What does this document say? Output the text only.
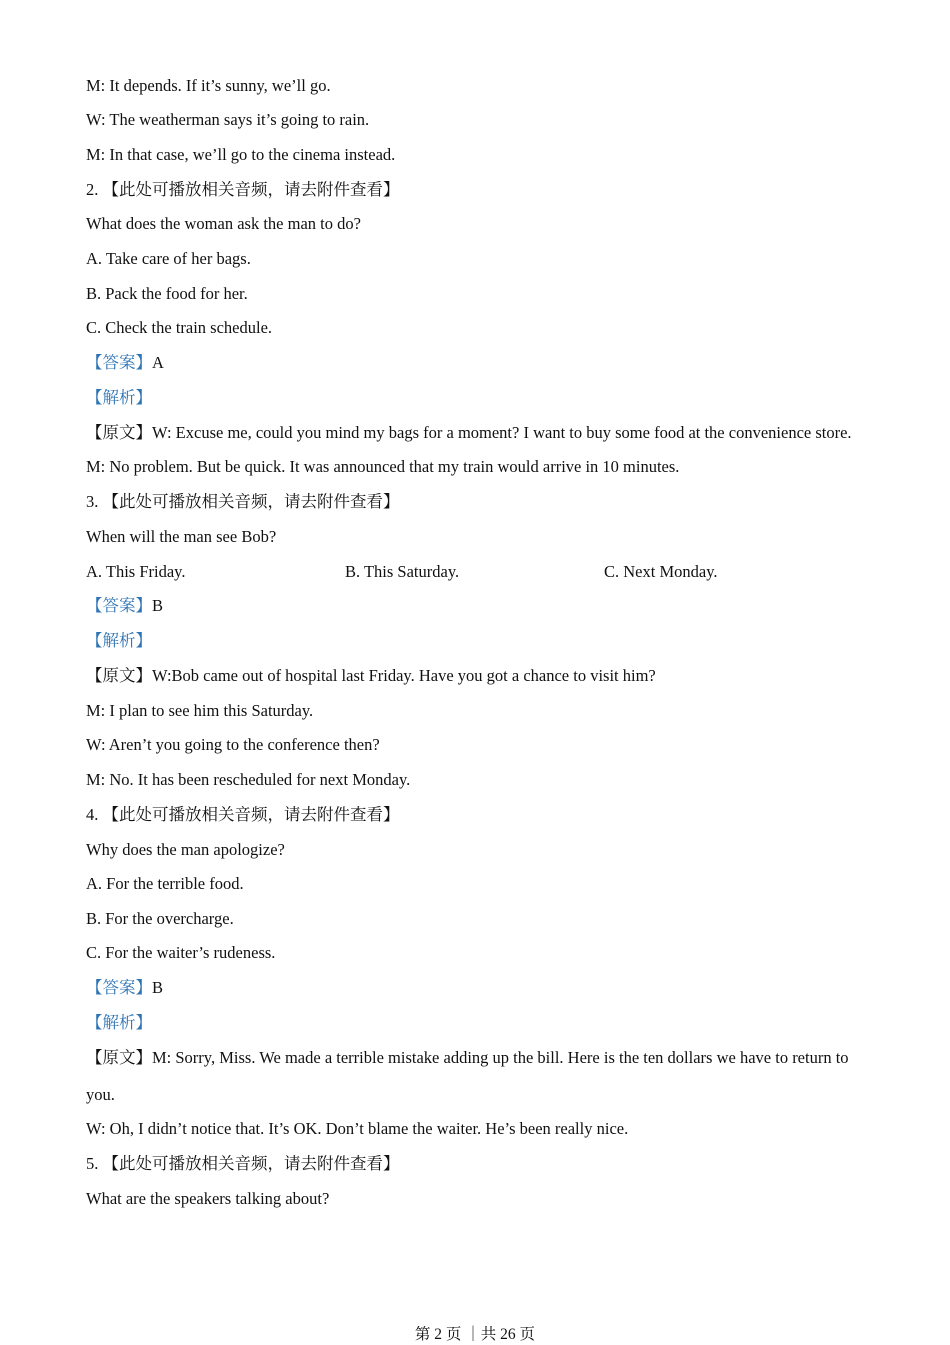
M: It depends. If it’s sunny, we’ll go.
W: The weatherman says it’s going to rain.
M: In that case, we’ll go to the cinema instead.
2. 【此处可播放相关音频，请去附件查看】
What does the woman ask the man to do?
A. Take care of her bags.
B. Pack the food for her.
C. Check the train schedule.
【答案】A
【解析】
【原文】W: Excuse me, could you mind my bags for a moment? I want to buy some food at the convenience store.
M: No problem. But be quick. It was announced that my train would arrive in 10 minutes.
3. 【此处可播放相关音频，请去附件查看】
When will the man see Bob?
A. This Friday.	B. This Saturday.	C. Next Monday.
【答案】B
【解析】
【原文】W:Bob came out of hospital last Friday. Have you got a chance to visit him?
M: I plan to see him this Saturday.
W: Aren’t you going to the conference then?
M: No. It has been rescheduled for next Monday.
4. 【此处可播放相关音频，请去附件查看】
Why does the man apologize?
A. For the terrible food.
B. For the overcharge.
C. For the waiter’s rudeness.
【答案】B
【解析】
【原文】M: Sorry, Miss. We made a terrible mistake adding up the bill. Here is the ten dollars we have to return to
you.
W: Oh, I didn’t notice that. It’s OK. Don’t blame the waiter. He’s been really nice.
5. 【此处可播放相关音频，请去附件查看】
What are the speakers talking about?
第 2 页 ｜共 26 页
